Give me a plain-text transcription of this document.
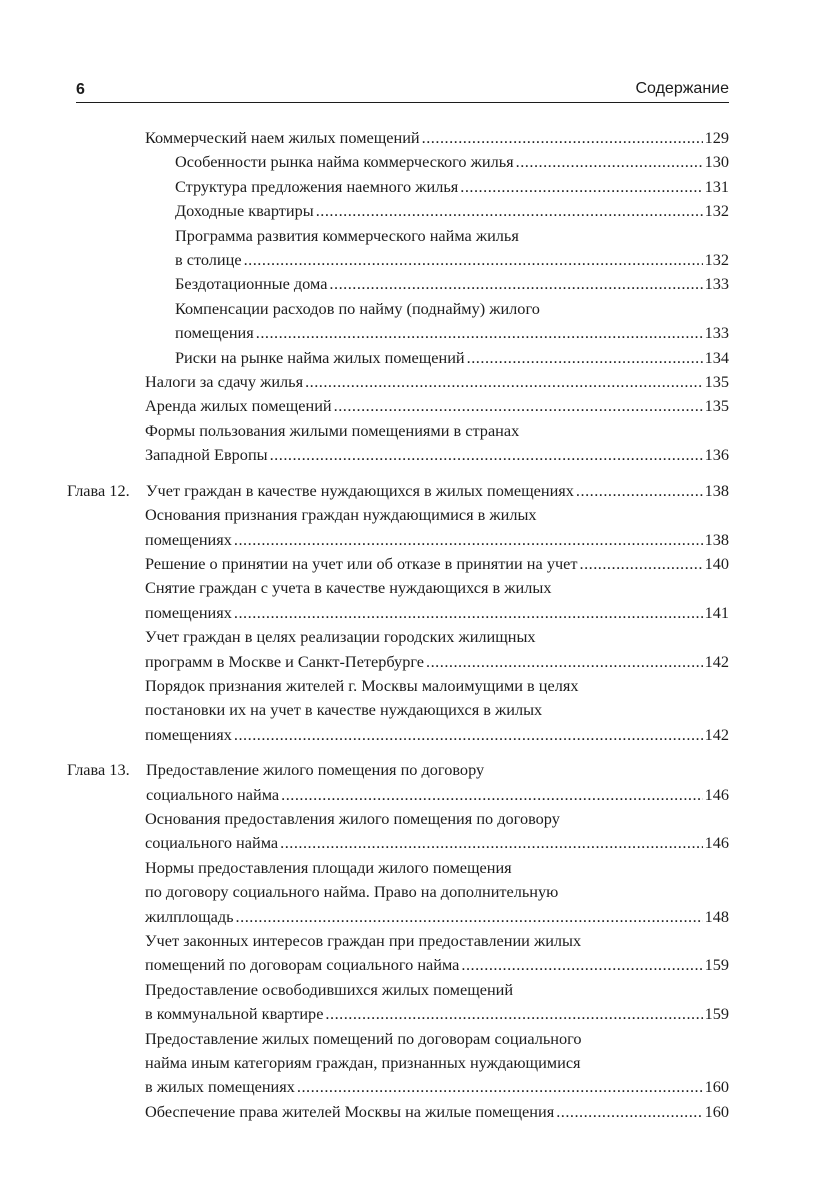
6	Содержание
Коммерческий наем жилых помещений .....	129
Особенности рынка найма коммерческого жилья .....	130
Структура предложения наемного жилья .....	131
Доходные квартиры .....	132
Программа развития коммерческого найма жилья
в столице .....	132
Бездотационные дома .....	133
Компенсации расходов по найму (поднайму) жилого
помещения .....	133
Риски на рынке найма жилых помещений .....	134
Налоги за сдачу жилья .....	135
Аренда жилых помещений .....	135
Формы пользования жилыми помещениями в странах
Западной Европы .....	136
Глава 12.	Учет граждан в качестве нуждающихся в жилых помещениях .....	138
Основания признания граждан нуждающимися в жилых
помещениях .....	138
Решение о принятии на учет или об отказе в принятии на учет .....	140
Снятие граждан с учета в качестве нуждающихся в жилых
помещениях .....	141
Учет граждан в целях реализации городских жилищных
программ в Москве и Санкт-Петербурге .....	142
Порядок признания жителей г. Москвы малоимущими в целях
постановки их на учет в качестве нуждающихся в жилых
помещениях .....	142
Глава 13.	Предоставление жилого помещения по договору
социального найма .....	146
Основания предоставления жилого помещения по договору
социального найма .....	146
Нормы предоставления площади жилого помещения
по договору социального найма. Право на дополнительную
жилплощадь .....	148
Учет законных интересов граждан при предоставлении жилых
помещений по договорам социального найма .....	159
Предоставление освободившихся жилых помещений
в коммунальной квартире .....	159
Предоставление жилых помещений по договорам социального
найма иным категориям граждан, признанных нуждающимися
в жилых помещениях .....	160
Обеспечение права жителей Москвы на жилые помещения .....	160
